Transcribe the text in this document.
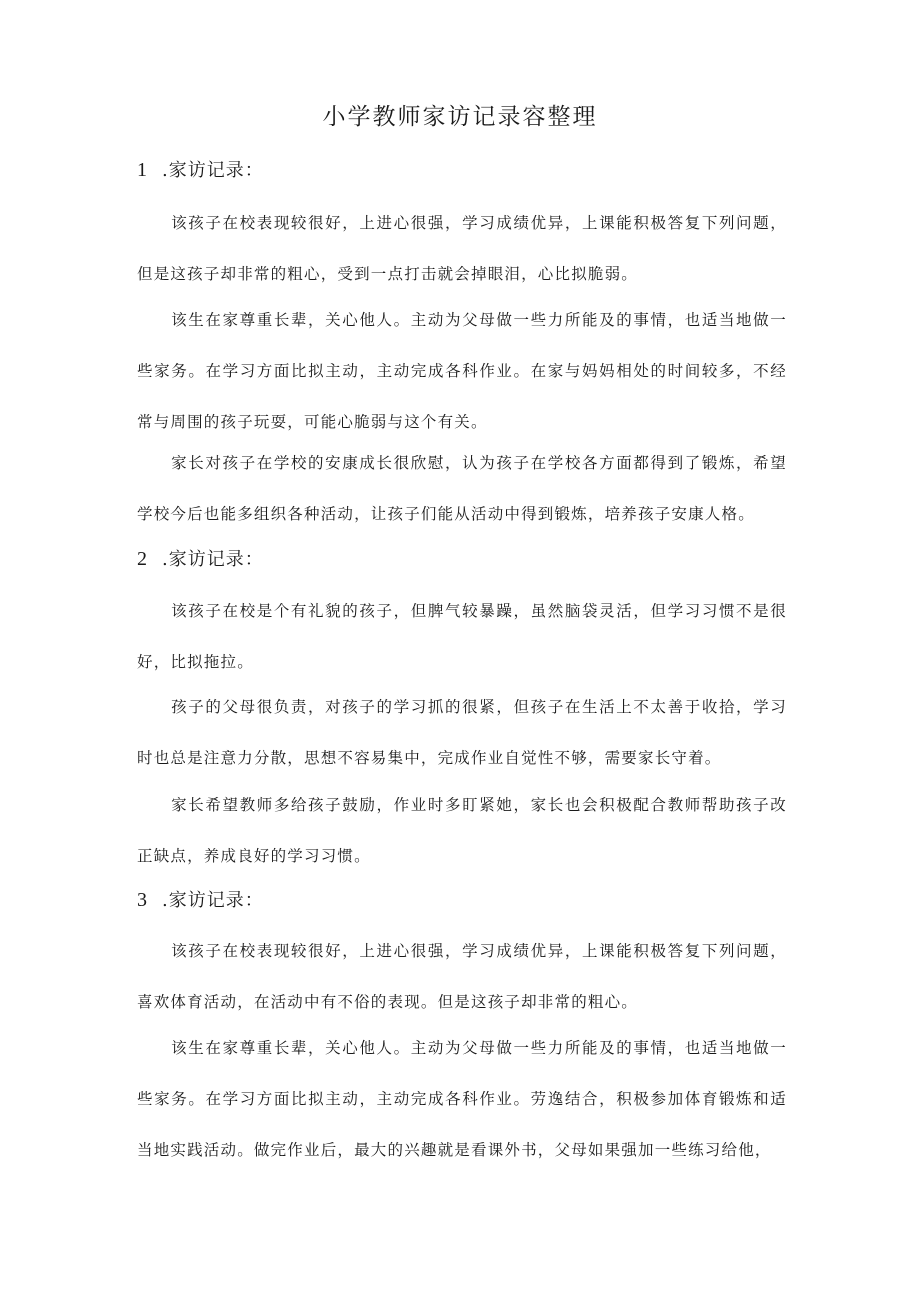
小学教师家访记录容整理
1 .家访记录：

该孩子在校表现较很好，上进心很强，学习成绩优异，上课能积极答复下列问题，但是这孩子却非常的粗心，受到一点打击就会掉眼泪，心比拟脆弱。

该生在家尊重长辈，关心他人。主动为父母做一些力所能及的事情，也适当地做一些家务。在学习方面比拟主动，主动完成各科作业。在家与妈妈相处的时间较多，不经常与周围的孩子玩耍，可能心脆弱与这个有关。

家长对孩子在学校的安康成长很欣慰，认为孩子在学校各方面都得到了锻炼，希望学校今后也能多组织各种活动，让孩子们能从活动中得到锻炼，培养孩子安康人格。

2 .家访记录：

该孩子在校是个有礼貌的孩子，但脾气较暴躁，虽然脑袋灵活，但学习习惯不是很好，比拟拖拉。

孩子的父母很负责，对孩子的学习抓的很紧，但孩子在生活上不太善于收拾，学习时也总是注意力分散，思想不容易集中，完成作业自觉性不够，需要家长守着。

家长希望教师多给孩子鼓励，作业时多盯紧她，家长也会积极配合教师帮助孩子改正缺点，养成良好的学习习惯。

3 .家访记录：

该孩子在校表现较很好，上进心很强，学习成绩优异，上课能积极答复下列问题，喜欢体育活动，在活动中有不俗的表现。但是这孩子却非常的粗心。

该生在家尊重长辈，关心他人。主动为父母做一些力所能及的事情，也适当地做一些家务。在学习方面比拟主动，主动完成各科作业。劳逸结合，积极参加体育锻炼和适当地实践活动。做完作业后，最大的兴趣就是看课外书，父母如果强加一些练习给他，
